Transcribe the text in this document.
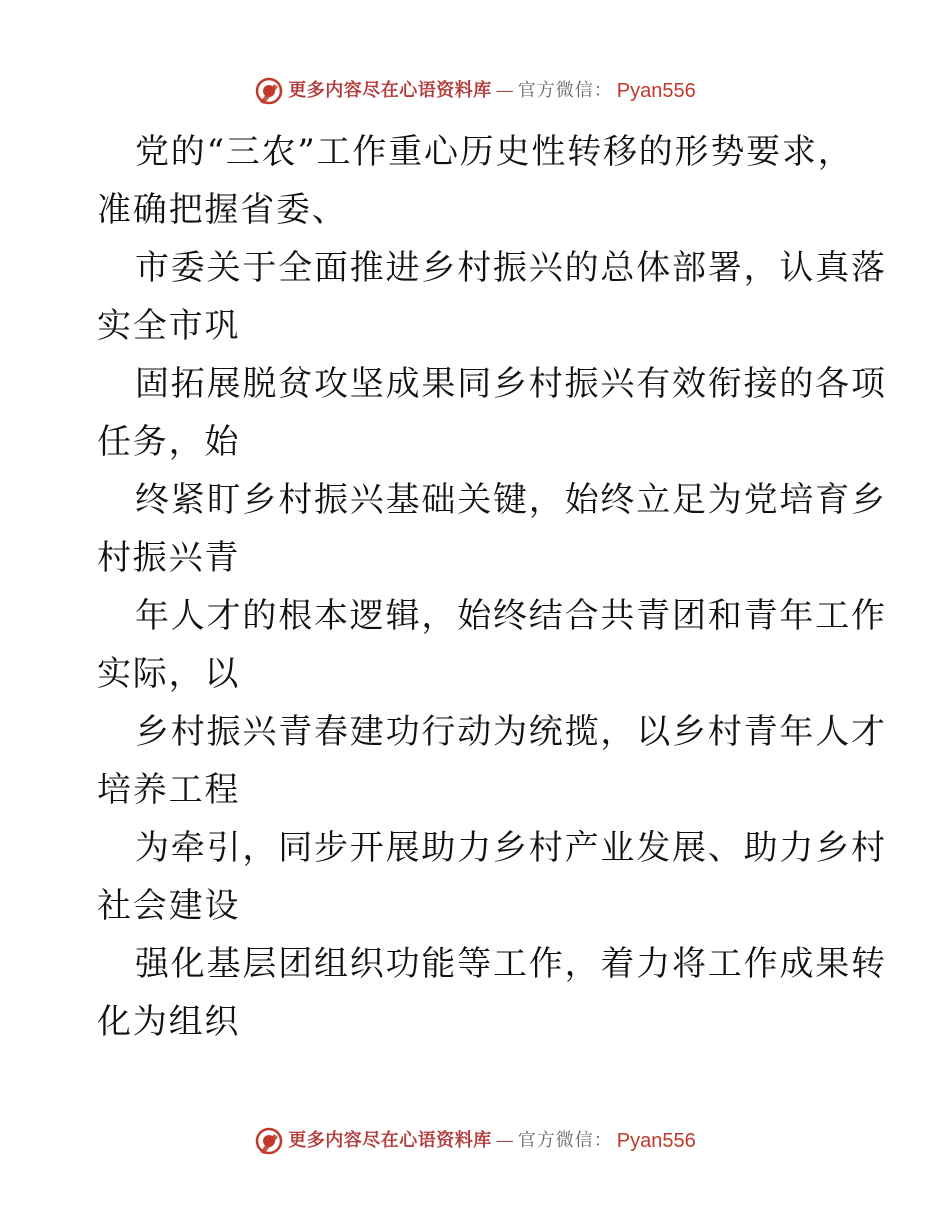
更多内容尽在心语资料库 — 官方微信： Pyan556
党的“三农”工作重心历史性转移的形势要求，
准确把握省委、
市委关于全面推进乡村振兴的总体部署，认真落
实全市巩
固拓展脱贫攻坚成果同乡村振兴有效衔接的各项
任务，始
终紧盯乡村振兴基础关键，始终立足为党培育乡
村振兴青
年人才的根本逻辑，始终结合共青团和青年工作
实际，以
乡村振兴青春建功行动为统揽，以乡村青年人才
培养工程
为牵引，同步开展助力乡村产业发展、助力乡村
社会建设
强化基层团组织功能等工作，着力将工作成果转
化为组织
更多内容尽在心语资料库 — 官方微信： Pyan556
